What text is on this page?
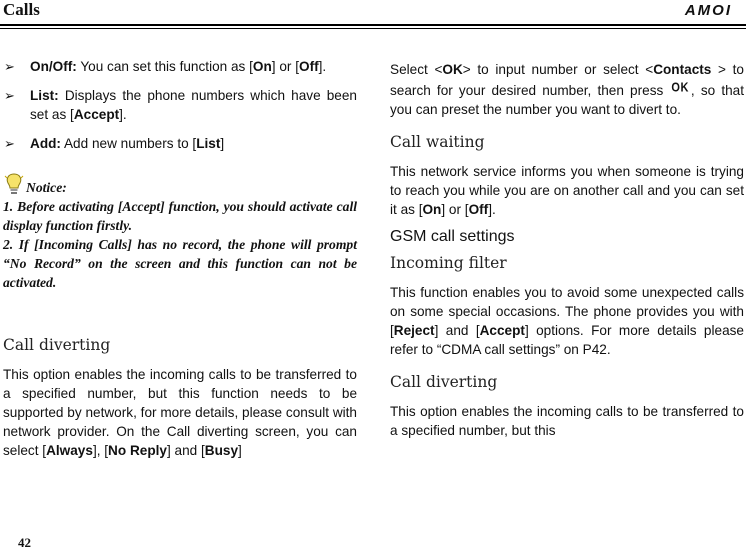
Calls	AMOI
➢ On/Off: You can set this function as [On] or [Off].
➢ List: Displays the phone numbers which have been set as [Accept].
➢ Add: Add new numbers to [List]
Notice:

1. Before activating [Accept] function, you should activate call display function firstly.

2. If [Incoming Calls] has no record, the phone will prompt “No Record” on the screen and this function can not be activated.

Call diverting

This option enables the incoming calls to be transferred to a specified number, but this function needs to be supported by network, for more details, please consult with network provider. On the Call diverting screen, you can select [Always], [No Reply] and [Busy]

Select <OK> to input number or select <Contacts > to search for your desired number, then press OK , so that you can preset the number you want to divert to.

Call waiting

This network service informs you when someone is trying to reach you while you are on another call and you can set it as [On] or [Off].

GSM call settings
Incoming filter

This function enables you to avoid some unexpected calls on some special occasions. The phone provides you with [Reject] and [Accept] options. For more details please refer to “CDMA call settings” on P42.

Call diverting

This option enables the incoming calls to be transferred to a specified number, but this

42
